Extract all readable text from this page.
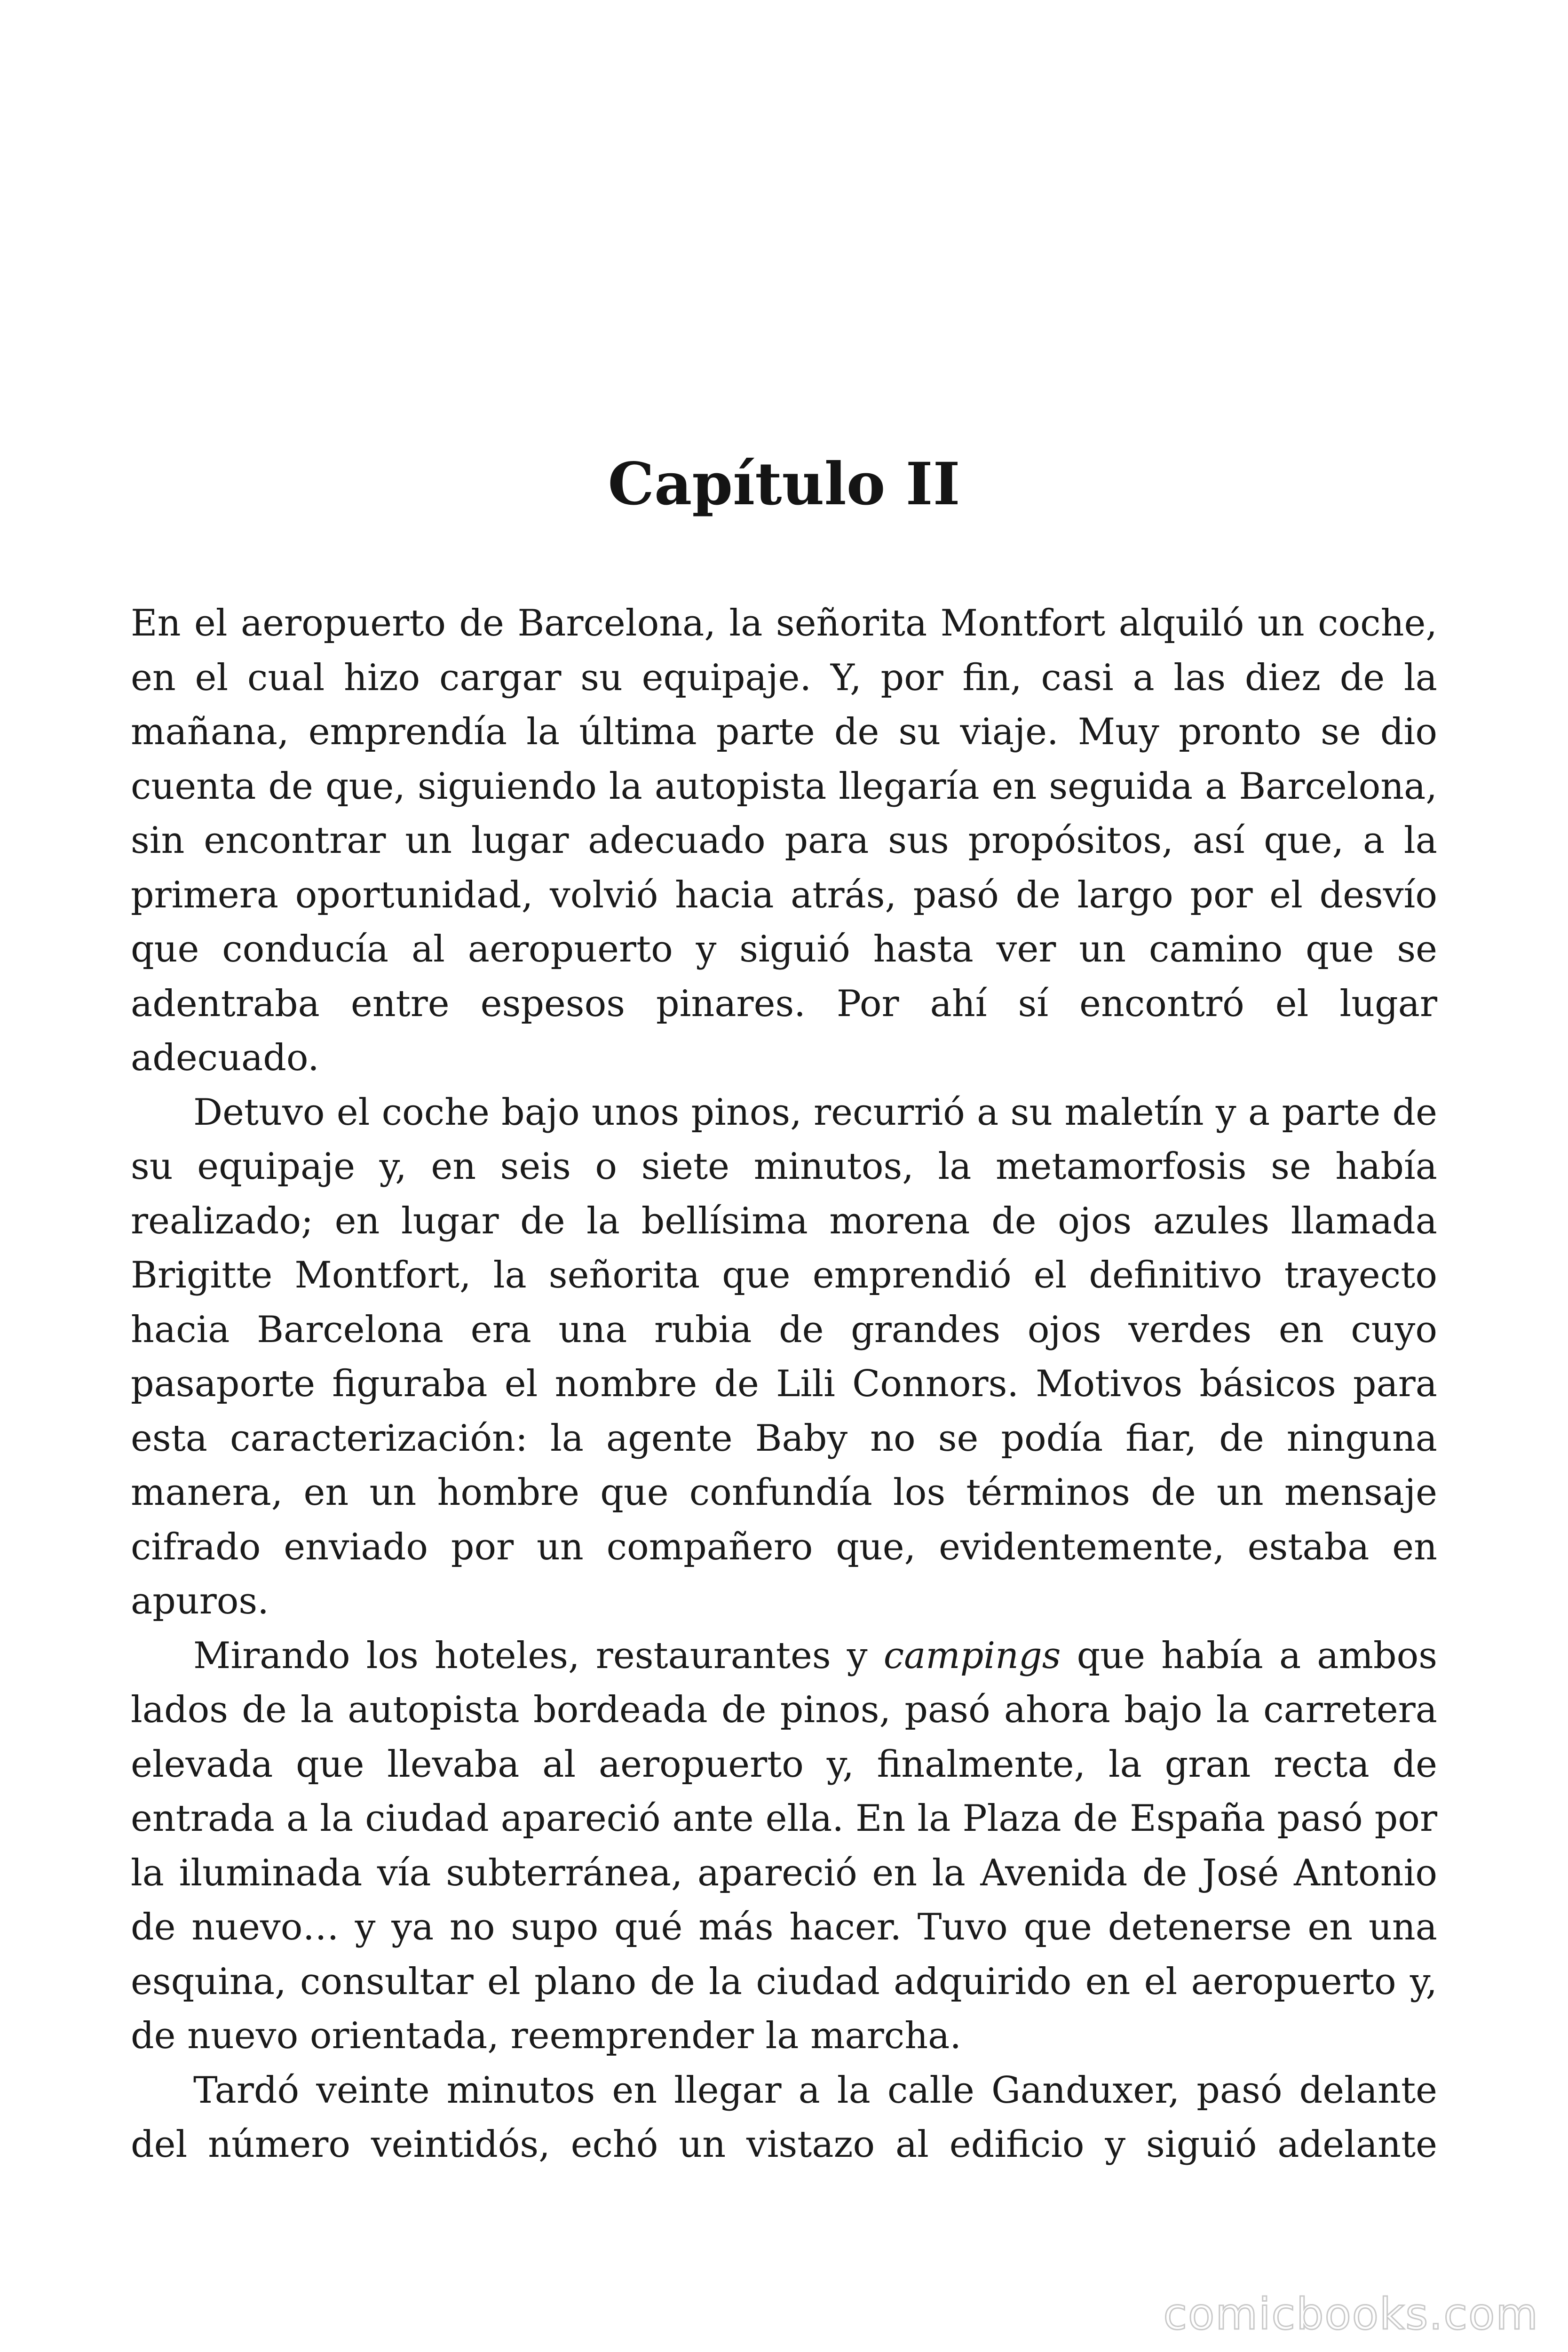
Capítulo II

En el aeropuerto de Barcelona, la señorita Montfort alquiló un coche, en el cual hizo cargar su equipaje. Y, por fin, casi a las diez de la mañana, emprendía la última parte de su viaje. Muy pronto se dio cuenta de que, siguiendo la autopista llegaría en seguida a Barcelona, sin encontrar un lugar adecuado para sus propósitos, así que, a la primera oportunidad, volvió hacia atrás, pasó de largo por el desvío que conducía al aeropuerto y siguió hasta ver un camino que se adentraba entre espesos pinares. Por ahí sí encontró el lugar adecuado.

Detuvo el coche bajo unos pinos, recurrió a su maletín y a parte de su equipaje y, en seis o siete minutos, la metamorfosis se había realizado; en lugar de la bellísima morena de ojos azules llamada Brigitte Montfort, la señorita que emprendió el definitivo trayecto hacia Barcelona era una rubia de grandes ojos verdes en cuyo pasaporte figuraba el nombre de Lili Connors. Motivos básicos para esta caracterización: la agente Baby no se podía fiar, de ninguna manera, en un hombre que confundía los términos de un mensaje cifrado enviado por un compañero que, evidentemente, estaba en apuros.

Mirando los hoteles, restaurantes y campings que había a ambos lados de la autopista bordeada de pinos, pasó ahora bajo la carretera elevada que llevaba al aeropuerto y, finalmente, la gran recta de entrada a la ciudad apareció ante ella. En la Plaza de España pasó por la iluminada vía subterránea, apareció en la Avenida de José Antonio de nuevo… y ya no supo qué más hacer. Tuvo que detenerse en una esquina, consultar el plano de la ciudad adquirido en el aeropuerto y, de nuevo orientada, reemprender la marcha.

Tardó veinte minutos en llegar a la calle Ganduxer, pasó delante del número veintidós, echó un vistazo al edificio y siguió adelante

comicbooks.com
